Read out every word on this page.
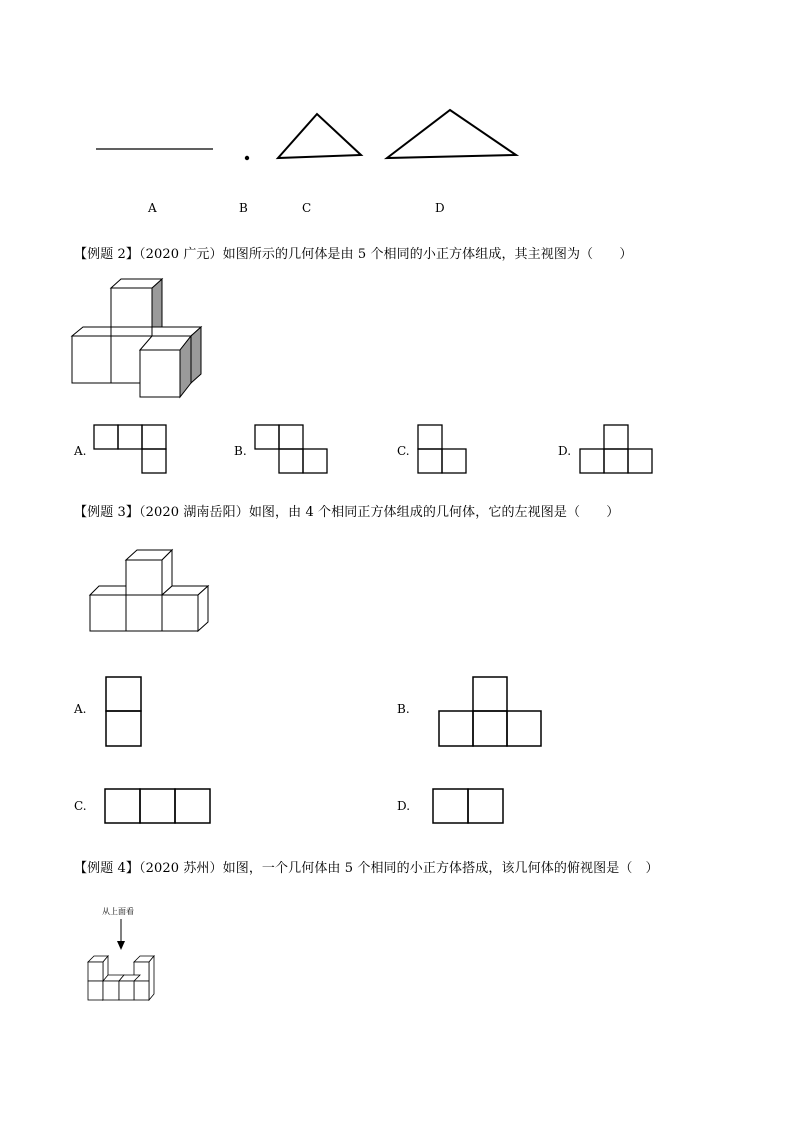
A	B	C	D
【例题 2】（2020 广元）如图所示的几何体是由 5 个相同的小正方体组成，其主视图为（　　）
A.	B.	C.	D.
【例题 3】（2020 湖南岳阳）如图，由 4 个相同正方体组成的几何体，它的左视图是（　　）
A.	B.
C.	D.
【例题 4】（2020 苏州）如图，一个几何体由 5 个相同的小正方体搭成，该几何体的俯视图是（　）
从上面看
